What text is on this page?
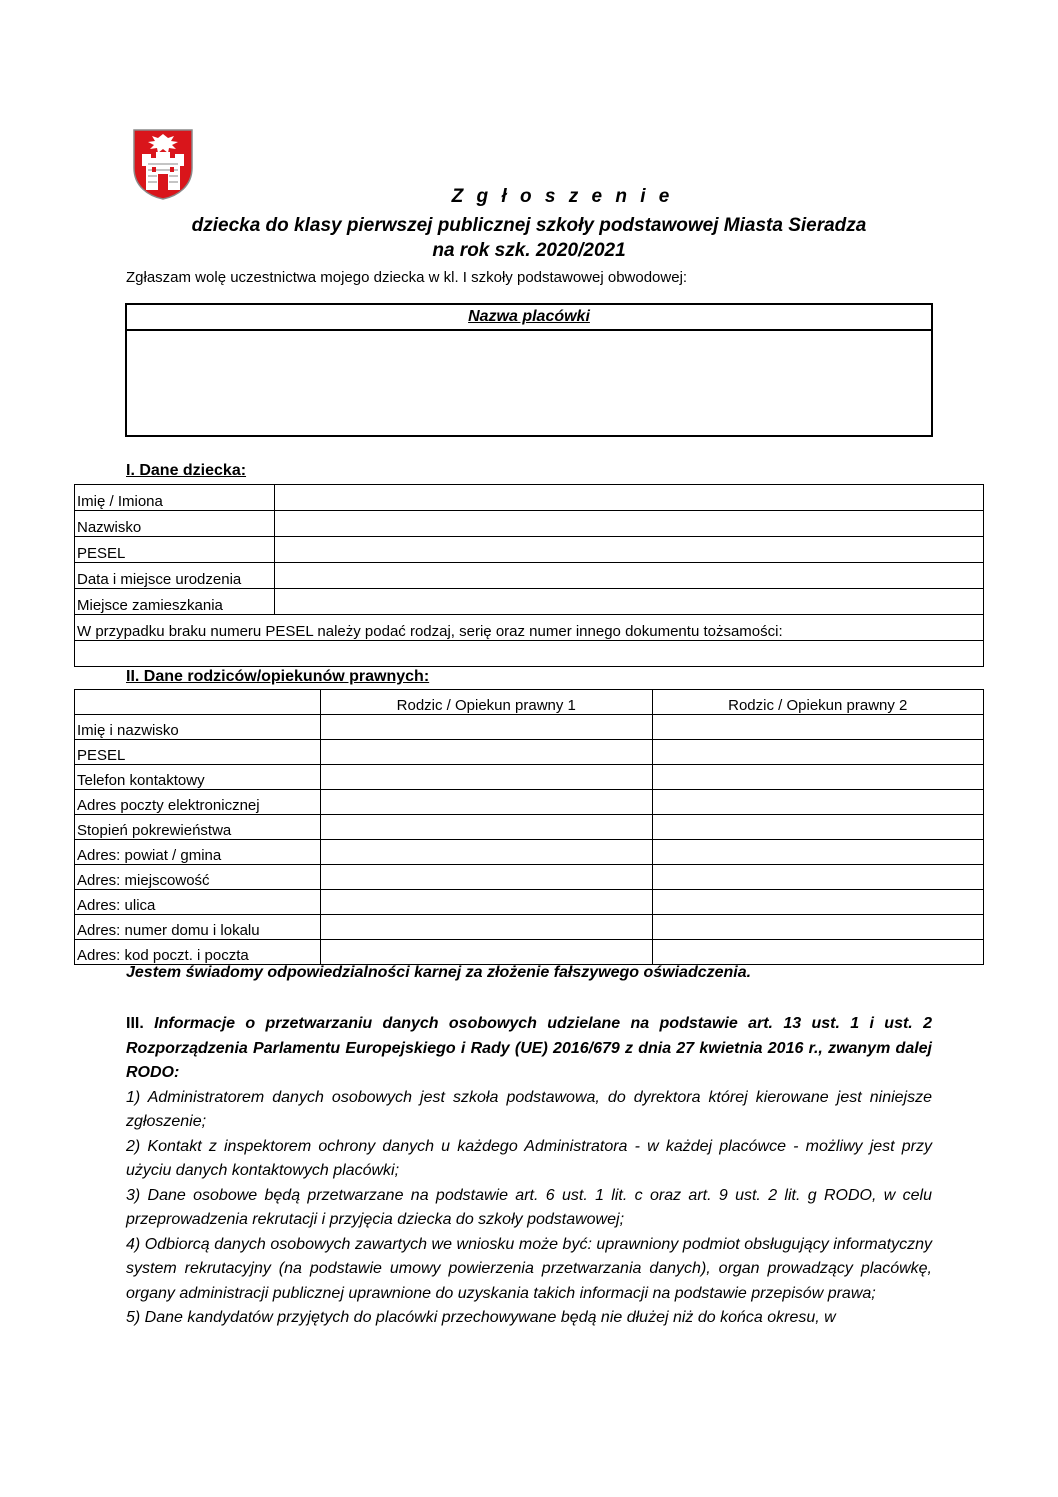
Z g ł o s z e n i e
dziecka do klasy pierwszej publicznej szkoły podstawowej Miasta Sieradza
na rok szk. 2020/2021
Zgłaszam wolę uczestnictwa mojego dziecka w kl. I szkoły podstawowej obwodowej:
Nazwa placówki
I. Dane dziecka:
Imię / Imiona	
Nazwisko	
PESEL	
Data i miejsce urodzenia	
Miejsce zamieszkania	
W przypadku braku numeru PESEL należy podać rodzaj, serię oraz numer innego dokumentu tożsamości:	

II. Dane rodziców/opiekunów prawnych:
	Rodzic / Opiekun prawny 1	Rodzic / Opiekun prawny 2
Imię i nazwisko		
PESEL		
Telefon kontaktowy		
Adres poczty elektronicznej		
Stopień pokrewieństwa		
Adres: powiat / gmina		
Adres: miejscowość		
Adres: ulica		
Adres: numer domu i lokalu		
Adres: kod poczt. i poczta		
Jestem świadomy odpowiedzialności karnej za złożenie fałszywego oświadczenia.

III. Informacje o przetwarzaniu danych osobowych udzielane na podstawie art. 13 ust. 1 i ust. 2 Rozporządzenia Parlamentu Europejskiego i Rady (UE) 2016/679 z dnia 27 kwietnia 2016 r., zwanym dalej RODO:

1) Administratorem danych osobowych jest szkoła podstawowa, do dyrektora której kierowane jest niniejsze zgłoszenie;

2) Kontakt z inspektorem ochrony danych u każdego Administratora - w każdej placówce - możliwy jest przy użyciu danych kontaktowych placówki;

3) Dane osobowe będą przetwarzane na podstawie art. 6 ust. 1 lit. c oraz art. 9 ust. 2 lit. g RODO, w celu przeprowadzenia rekrutacji i przyjęcia dziecka do szkoły podstawowej;

4) Odbiorcą danych osobowych zawartych we wniosku może być: uprawniony podmiot obsługujący informatyczny system rekrutacyjny (na podstawie umowy powierzenia przetwarzania danych), organ prowadzący placówkę, organy administracji publicznej uprawnione do uzyskania takich informacji na podstawie przepisów prawa;

5) Dane kandydatów przyjętych do placówki przechowywane będą nie dłużej niż do końca okresu, w
